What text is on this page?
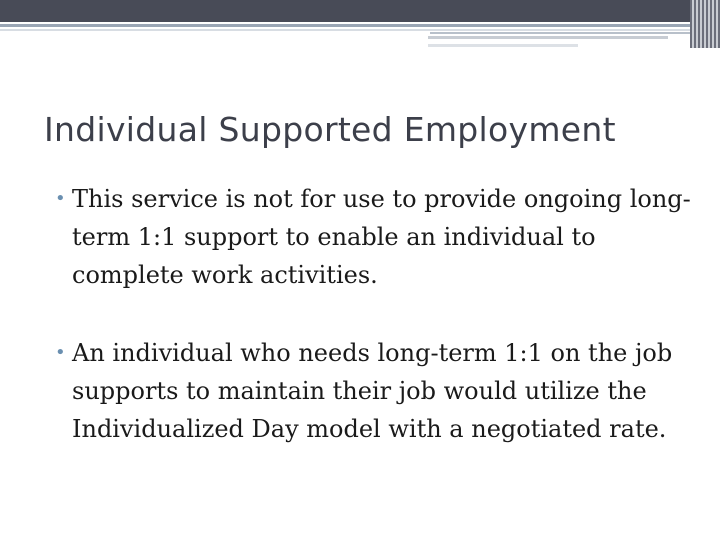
Individual Supported Employment
• This service is not for use to provide ongoing long-term 1:1 support to enable an individual to complete work activities.
• An individual who needs long-term 1:1 on the job supports to maintain their job would utilize the Individualized Day model with a negotiated rate.
